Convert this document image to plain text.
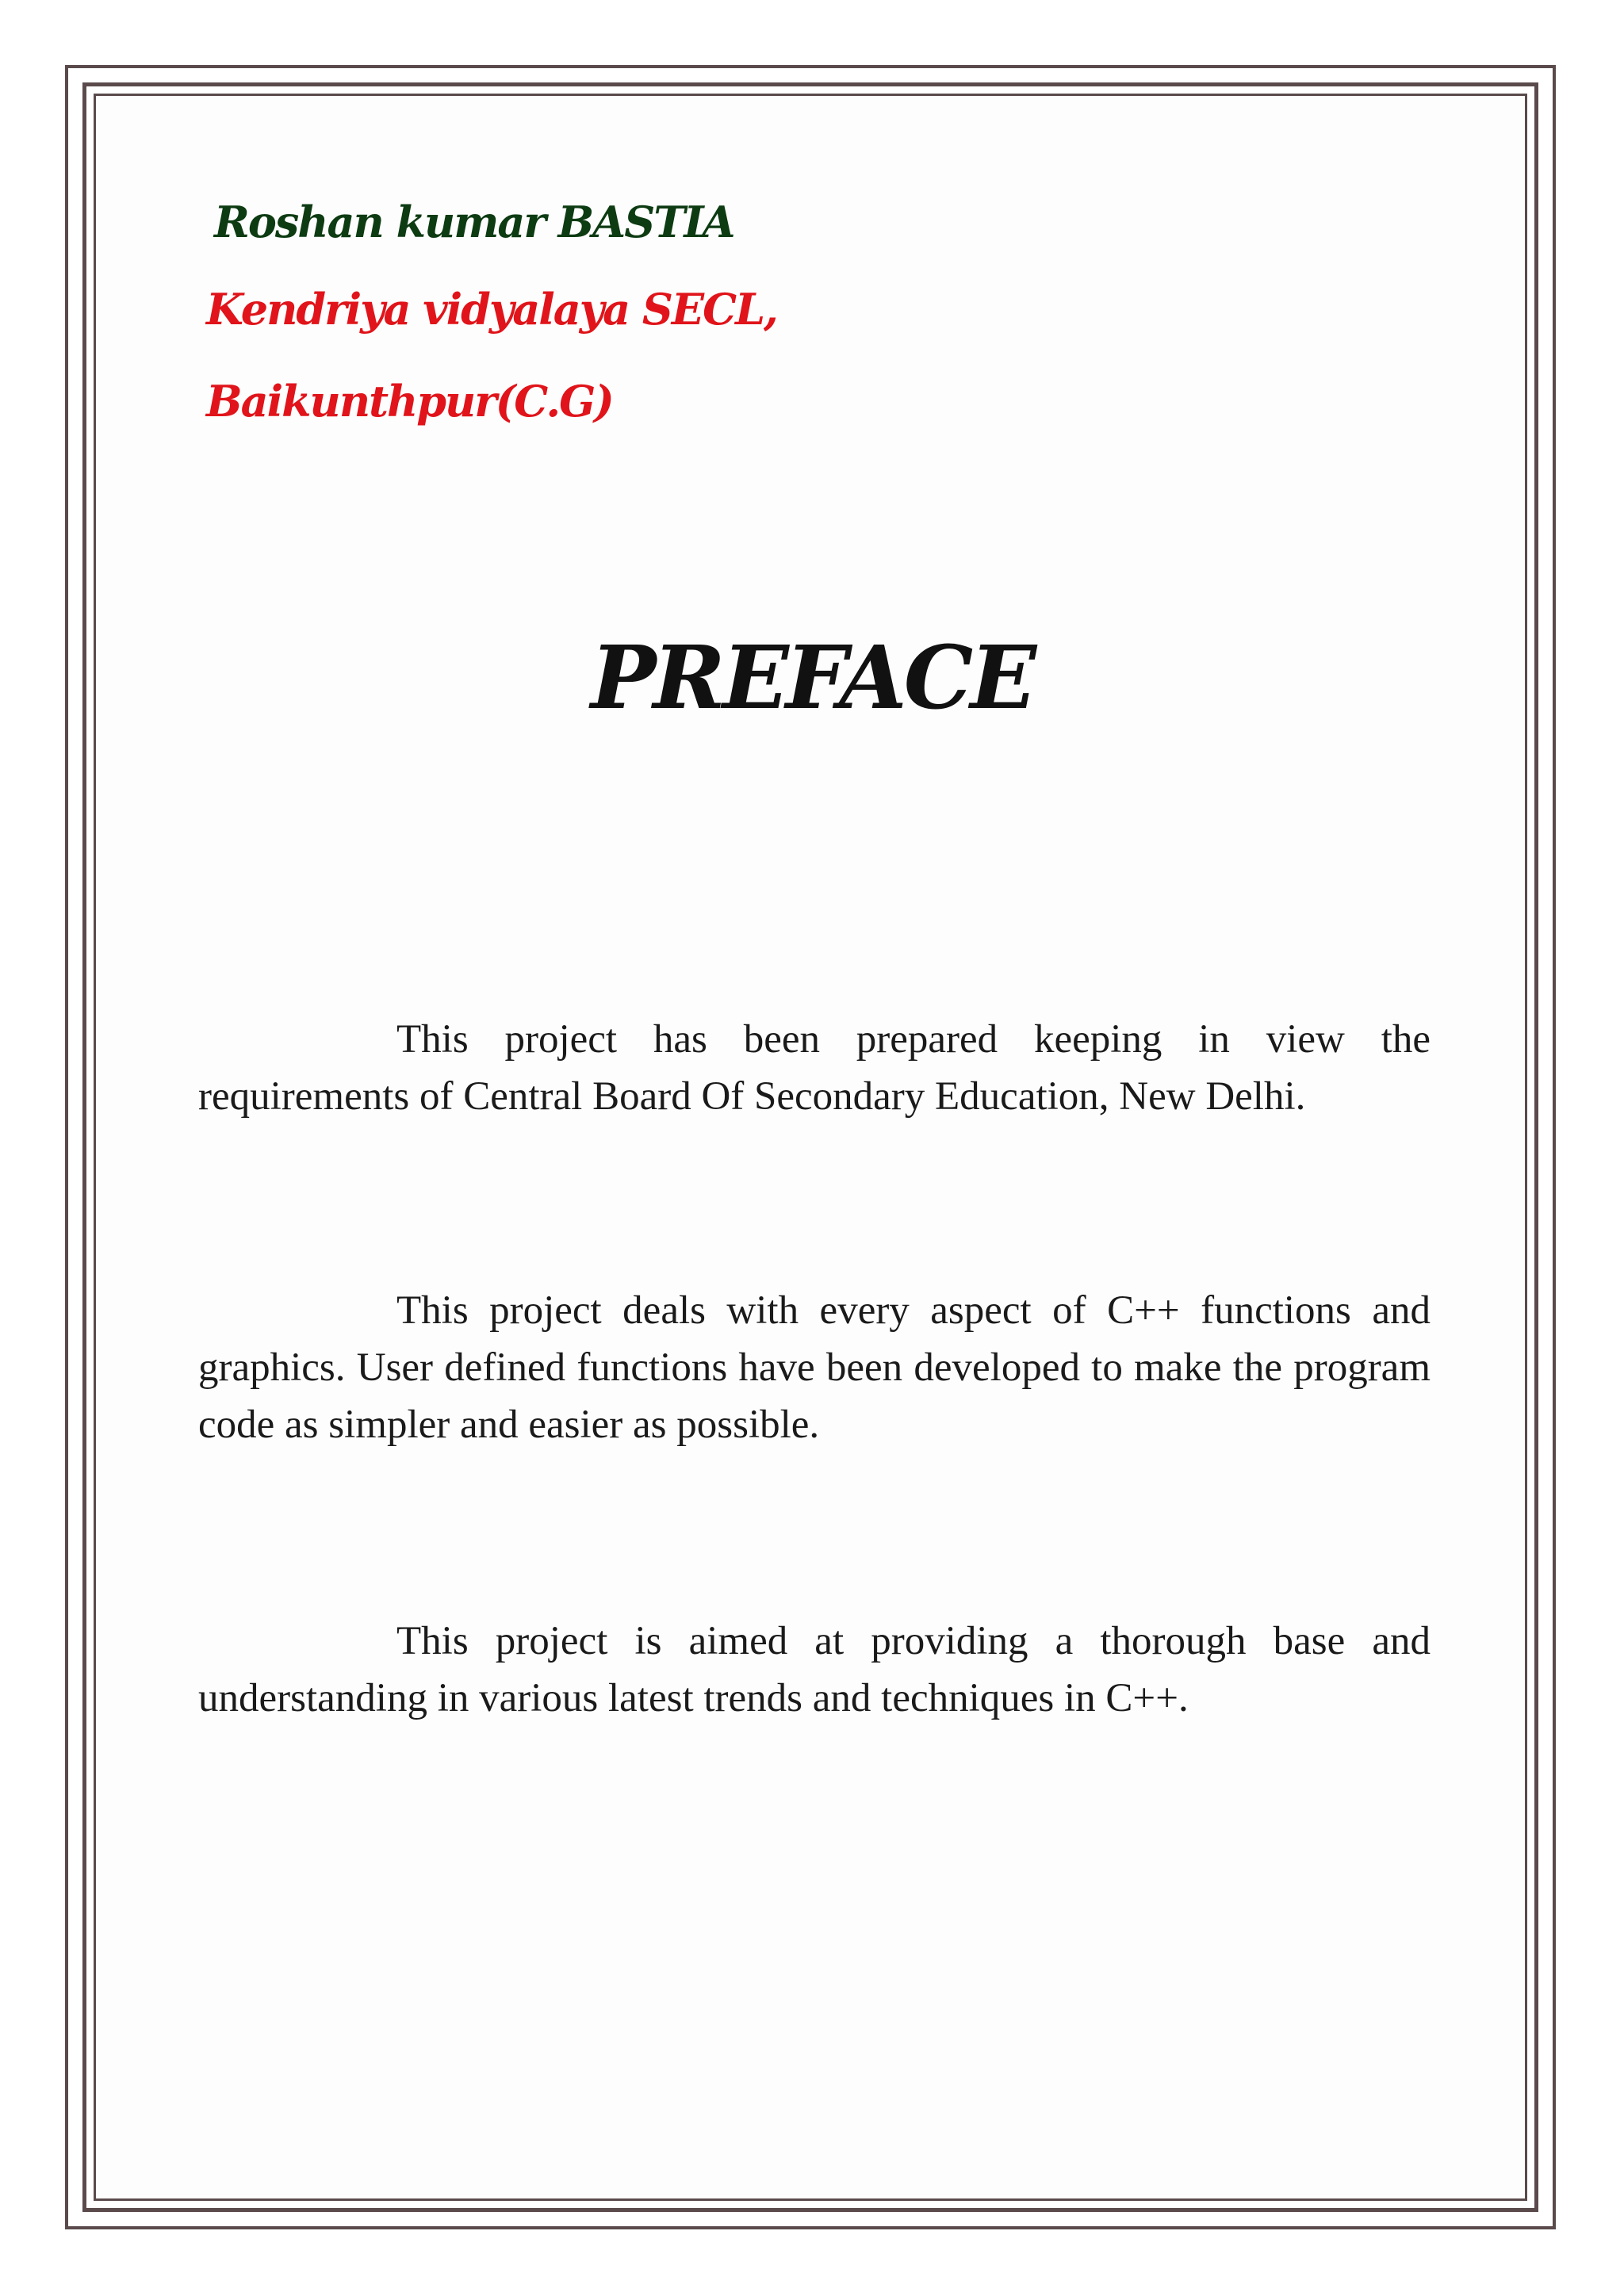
Roshan kumar BASTIA
Kendriya vidyalaya SECL,
Baikunthpur(C.G)
PREFACE

This project has been prepared keeping in view the requirements of Central Board Of Secondary Education, New Delhi.

This project deals with every aspect of C++ functions and graphics. User defined functions have been developed to make the program code as simpler and easier as possible.

This project is aimed at providing a thorough base and understanding in various latest trends and techniques in C++.
